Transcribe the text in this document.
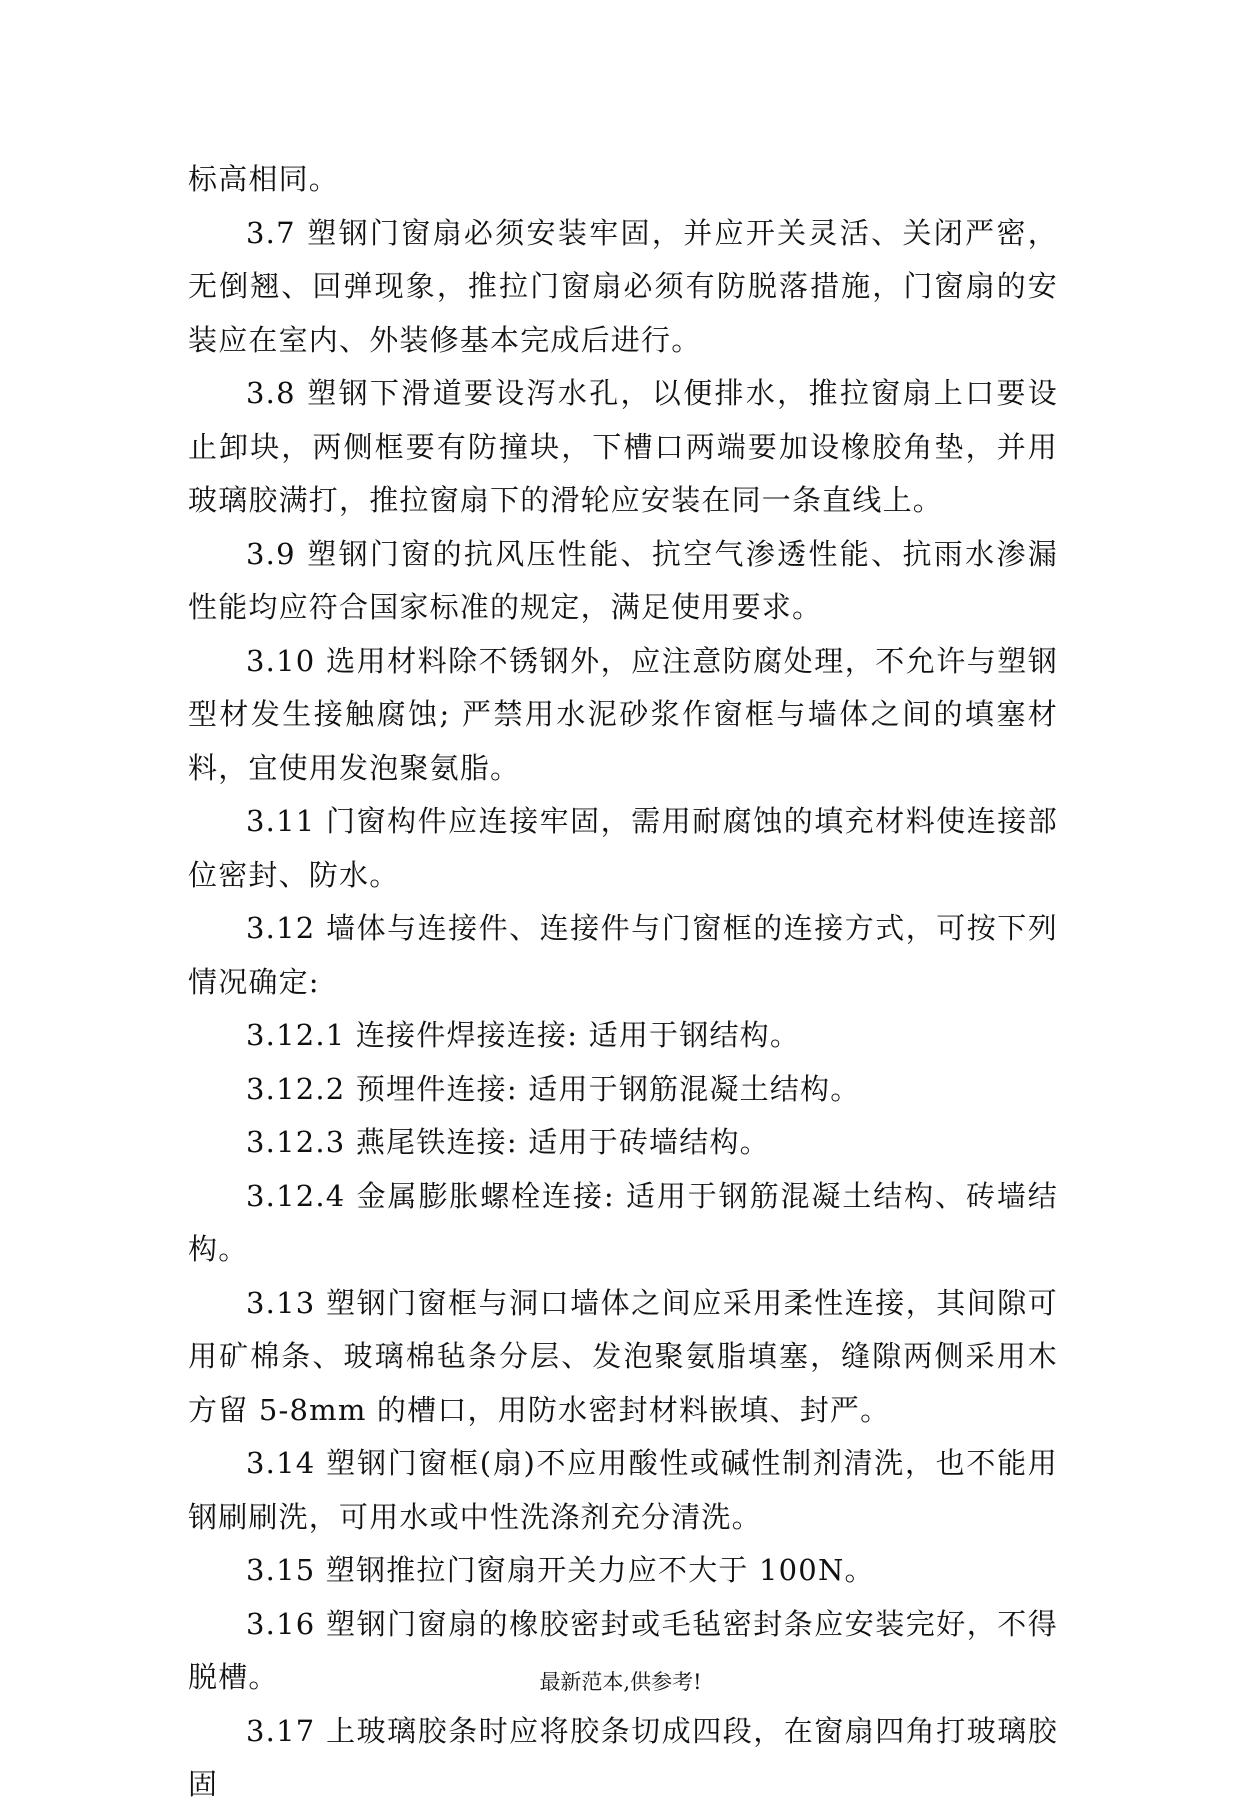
标高相同。

3.7 塑钢门窗扇必须安装牢固，并应开关灵活、关闭严密，无倒翘、回弹现象，推拉门窗扇必须有防脱落措施，门窗扇的安装应在室内、外装修基本完成后进行。

3.8 塑钢下滑道要设泻水孔，以便排水，推拉窗扇上口要设止卸块，两侧框要有防撞块，下槽口两端要加设橡胶角垫，并用玻璃胶满打，推拉窗扇下的滑轮应安装在同一条直线上。

3.9 塑钢门窗的抗风压性能、抗空气渗透性能、抗雨水渗漏性能均应符合国家标准的规定，满足使用要求。

3.10 选用材料除不锈钢外，应注意防腐处理，不允许与塑钢型材发生接触腐蚀; 严禁用水泥砂浆作窗框与墙体之间的填塞材料，宜使用发泡聚氨脂。

3.11 门窗构件应连接牢固，需用耐腐蚀的填充材料使连接部位密封、防水。

3.12 墙体与连接件、连接件与门窗框的连接方式，可按下列情况确定:

3.12.1 连接件焊接连接: 适用于钢结构。

3.12.2 预埋件连接: 适用于钢筋混凝土结构。

3.12.3 燕尾铁连接: 适用于砖墙结构。

3.12.4 金属膨胀螺栓连接: 适用于钢筋混凝土结构、砖墙结构。

3.13 塑钢门窗框与洞口墙体之间应采用柔性连接，其间隙可用矿棉条、玻璃棉毡条分层、发泡聚氨脂填塞，缝隙两侧采用木方留 5-8mm 的槽口，用防水密封材料嵌填、封严。

3.14 塑钢门窗框(扇)不应用酸性或碱性制剂清洗，也不能用钢刷刷洗，可用水或中性洗涤剂充分清洗。

3.15 塑钢推拉门窗扇开关力应不大于 100N。

3.16 塑钢门窗扇的橡胶密封或毛毡密封条应安装完好，不得脱槽。

3.17 上玻璃胶条时应将胶条切成四段，在窗扇四角打玻璃胶固

最新范本,供参考!
